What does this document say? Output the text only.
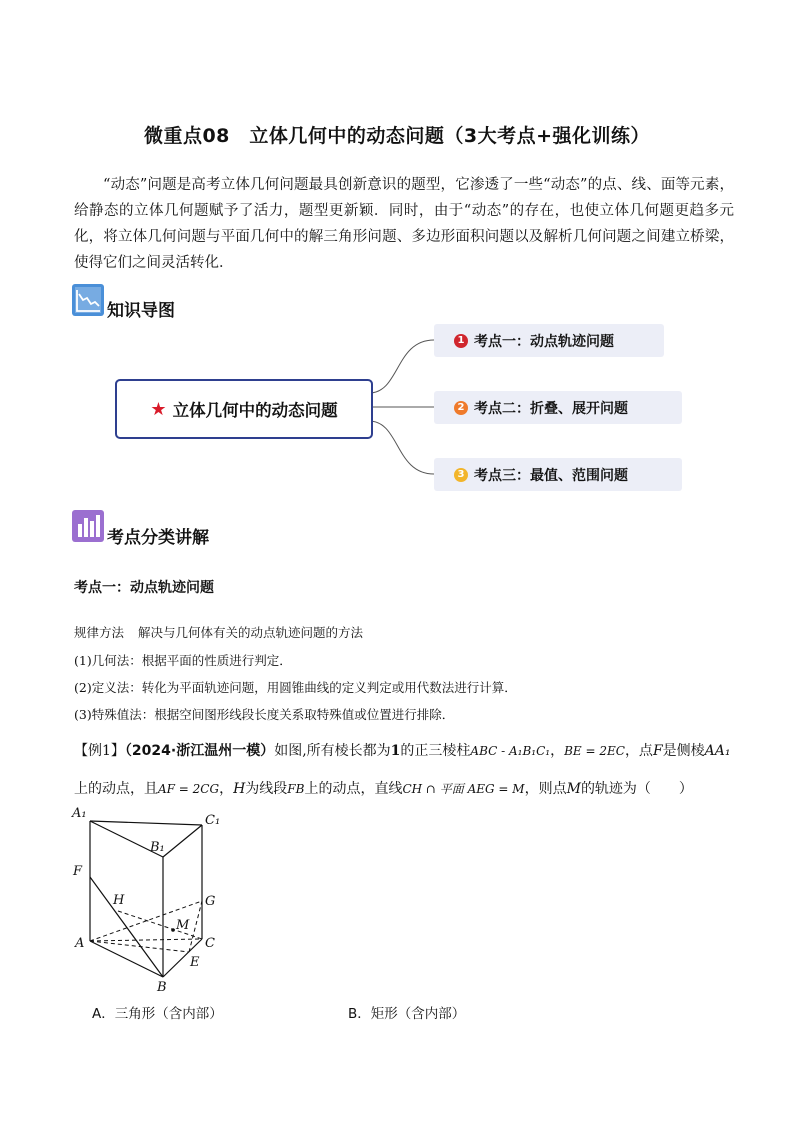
微重点08　立体几何中的动态问题（3大考点+强化训练）
“动态”问题是高考立体几何问题最具创新意识的题型，它渗透了一些“动态”的点、线、面等元素，给静态的立体几何题赋予了活力，题型更新颖．同时，由于“动态”的存在，也使立体几何题更趋多元化，将立体几何问题与平面几何中的解三角形问题、多边形面积问题以及解析几何问题之间建立桥梁，使得它们之间灵活转化．
知识导图
★ 立体几何中的动态问题
1 考点一：动点轨迹问题
2 考点二：折叠、展开问题
3 考点三：最值、范围问题
考点分类讲解
考点一：动点轨迹问题
规律方法 解决与几何体有关的动点轨迹问题的方法
(1)几何法：根据平面的性质进行判定．
(2)定义法：转化为平面轨迹问题，用圆锥曲线的定义判定或用代数法进行计算．
(3)特殊值法：根据空间图形线段长度关系取特殊值或位置进行排除．
【例1】（2024·浙江温州一模）如图,所有棱长都为1的正三棱柱ABC - A₁B₁C₁，BE = 2EC，点F是侧棱AA₁
上的动点，且AF = 2CG，H为线段FB上的动点，直线CH ∩ 平面 AEG = M，则点M的轨迹为（　　）
A₁	C₁
B₁
F
H	G
M
A	C
E
B
A．三角形（含内部）	B．矩形（含内部）
